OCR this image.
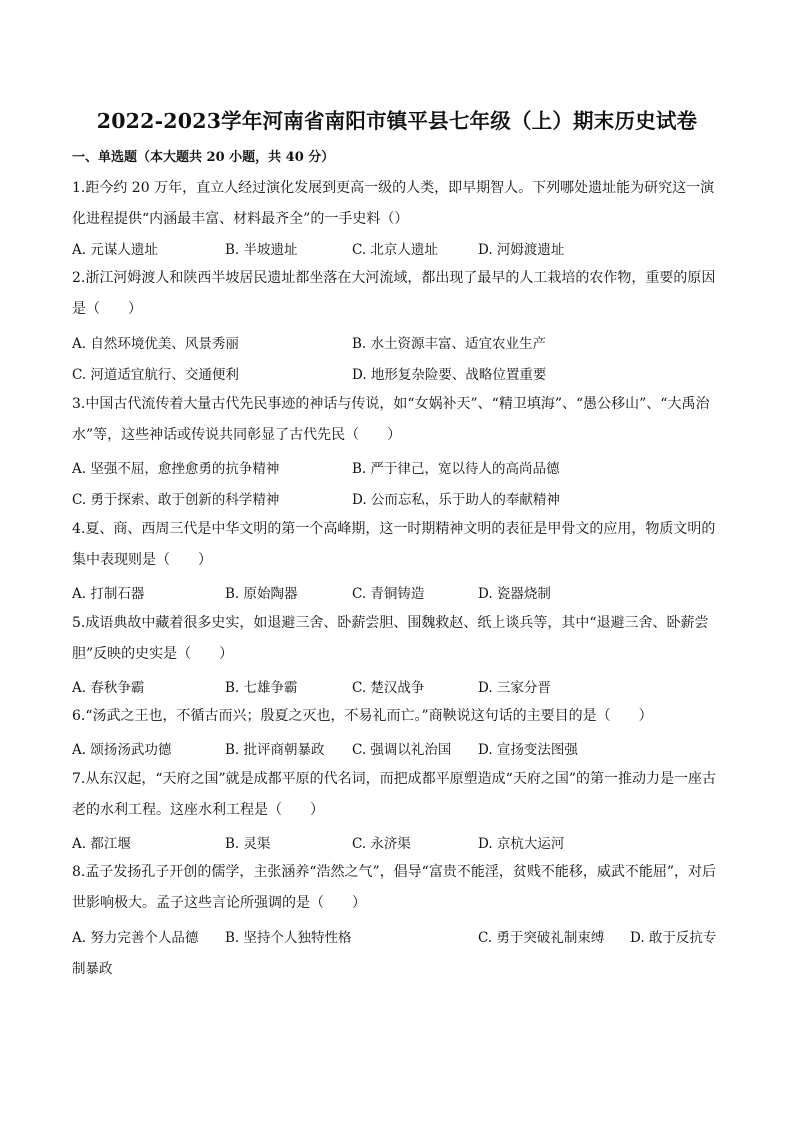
2022-2023学年河南省南阳市镇平县七年级（上）期末历史试卷
一、单选题（本大题共 20 小题，共 40 分）
1.距今约 20 万年，直立人经过演化发展到更高一级的人类，即早期智人。下列哪处遗址能为研究这一演化进程提供“内涵最丰富、材料最齐全”的一手史料（）
A. 元谋人遗址	B. 半坡遗址	C. 北京人遗址	D. 河姆渡遗址
2.浙江河姆渡人和陕西半坡居民遗址都坐落在大河流域，都出现了最早的人工栽培的农作物，重要的原因是（　　）
A. 自然环境优美、风景秀丽	B. 水土资源丰富、适宜农业生产
C. 河道适宜航行、交通便利	D. 地形复杂险要、战略位置重要
3.中国古代流传着大量古代先民事迹的神话与传说，如“女娲补天”、“精卫填海”、“愚公移山”、“大禹治水”等，这些神话或传说共同彰显了古代先民（　　）
A. 坚强不屈，愈挫愈勇的抗争精神	B. 严于律己，宽以待人的高尚品德
C. 勇于探索、敢于创新的科学精神	D. 公而忘私，乐于助人的奉献精神
4.夏、商、西周三代是中华文明的第一个高峰期，这一时期精神文明的表征是甲骨文的应用，物质文明的集中表现则是（　　）
A. 打制石器	B. 原始陶器	C. 青铜铸造	D. 瓷器烧制
5.成语典故中藏着很多史实，如退避三舍、卧薪尝胆、围魏救赵、纸上谈兵等，其中“退避三舍、卧薪尝胆”反映的史实是（　　）
A. 春秋争霸	B. 七雄争霸	C. 楚汉战争	D. 三家分晋
6.“汤武之王也，不循古而兴；殷夏之灭也，不易礼而亡。”商鞅说这句话的主要目的是（　　）
A. 颂扬汤武功德	B. 批评商朝暴政 C. 强调以礼治国 D. 宣扬变法图强
7.从东汉起，“天府之国”就是成都平原的代名词，而把成都平原塑造成“天府之国”的第一推动力是一座古老的水利工程。这座水利工程是（　　）
A. 都江堰	B. 灵渠	C. 永济渠	D. 京杭大运河
8.孟子发扬孔子开创的儒学，主张涵养“浩然之气”，倡导“富贵不能淫，贫贱不能移，威武不能屈”，对后世影响极大。孟子这些言论所强调的是（　　）
A. 努力完善个人品德 B. 坚持个人独特性格	C. 勇于突破礼制束缚 D. 敢于反抗专
制暴政
